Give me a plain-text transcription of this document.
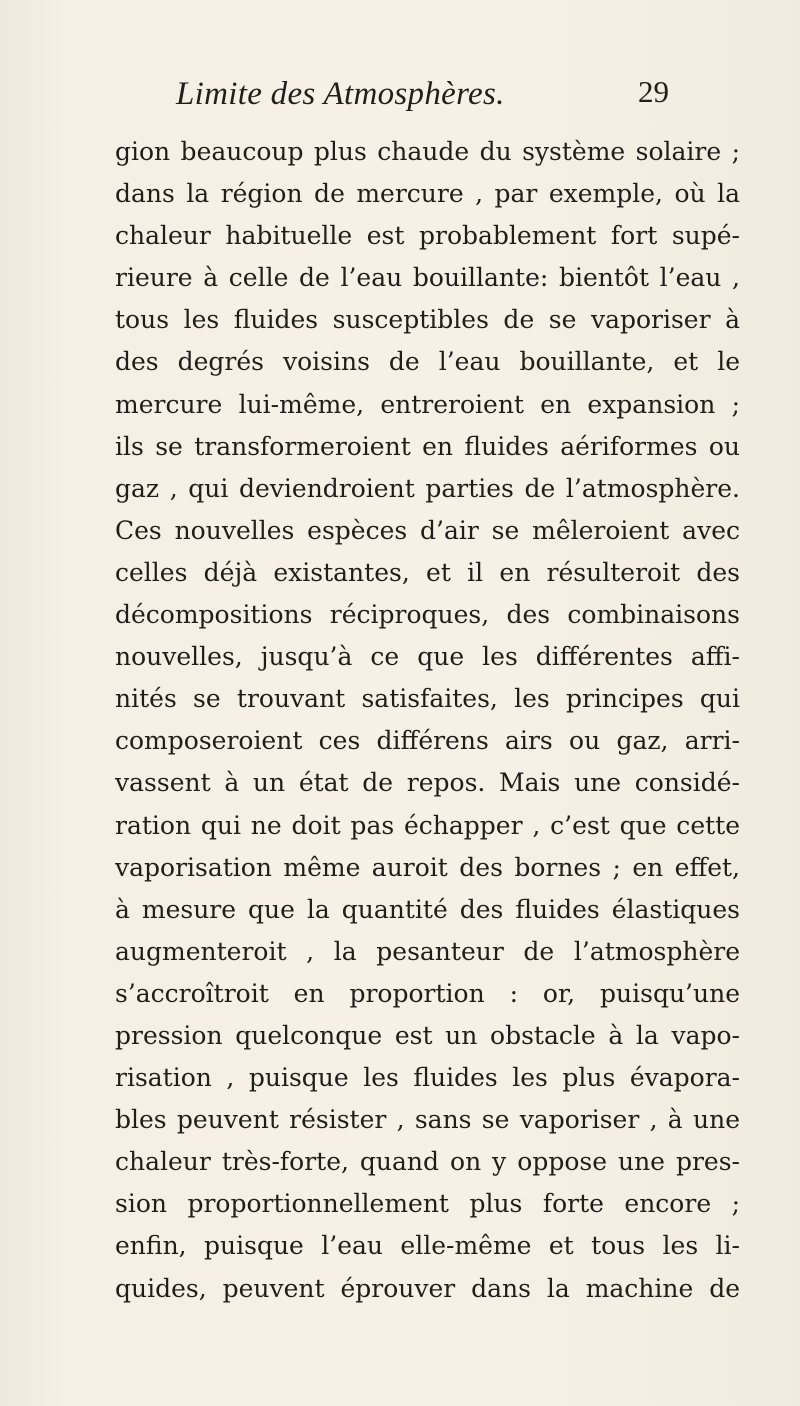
Limite des Atmosphères.	29
gion beaucoup plus chaude du système solaire ;
dans la région de mercure , par exemple, où la
chaleur habituelle est probablement fort supé-
rieure à celle de l’eau bouillante: bientôt l’eau ,
tous les fluides susceptibles de se vaporiser à
des degrés voisins de l’eau bouillante, et le
mercure lui-même, entreroient en expansion ;
ils se transformeroient en fluides aériformes ou
gaz , qui deviendroient parties de l’atmosphère.
Ces nouvelles espèces d’air se mêleroient avec
celles déjà existantes, et il en résulteroit des
décompositions réciproques, des combinaisons
nouvelles, jusqu’à ce que les différentes affi-
nités se trouvant satisfaites, les principes qui
composeroient ces différens airs ou gaz, arri-
vassent à un état de repos. Mais une considé-
ration qui ne doit pas échapper , c’est que cette
vaporisation même auroit des bornes ; en effet,
à mesure que la quantité des fluides élastiques
augmenteroit , la pesanteur de l’atmosphère
s’accroîtroit en proportion : or, puisqu’une
pression quelconque est un obstacle à la vapo-
risation , puisque les fluides les plus évapora-
bles peuvent résister , sans se vaporiser , à une
chaleur très-forte, quand on y oppose une pres-
sion proportionnellement plus forte encore ;
enfin, puisque l’eau elle-même et tous les li-
quides, peuvent éprouver dans la machine de
